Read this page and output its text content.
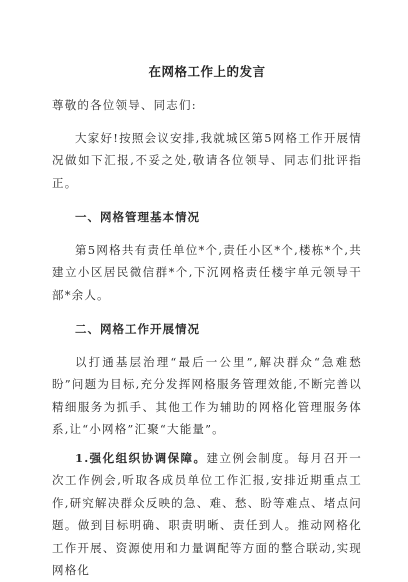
在网格工作上的发言

尊敬的各位领导、同志们:

大家好!按照会议安排,我就城区第5网格工作开展情况做如下汇报,不妥之处,敬请各位领导、同志们批评指正。

一、网格管理基本情况

第5网格共有责任单位*个,责任小区*个,楼栋*个,共建立小区居民微信群*个,下沉网格责任楼宇单元领导干部*余人。

二、网格工作开展情况

以打通基层治理“最后一公里”,解决群众“急难愁盼”问题为目标,充分发挥网格服务管理效能,不断完善以精细服务为抓手、其他工作为辅助的网格化管理服务体系,让“小网格”汇聚“大能量”。

1.强化组织协调保障。建立例会制度。每月召开一次工作例会,听取各成员单位工作汇报,安排近期重点工作,研究解决群众反映的急、难、愁、盼等难点、堵点问题。做到目标明确、职责明晰、责任到人。推动网格化工作开展、资源使用和力量调配等方面的整合联动,实现网格化
